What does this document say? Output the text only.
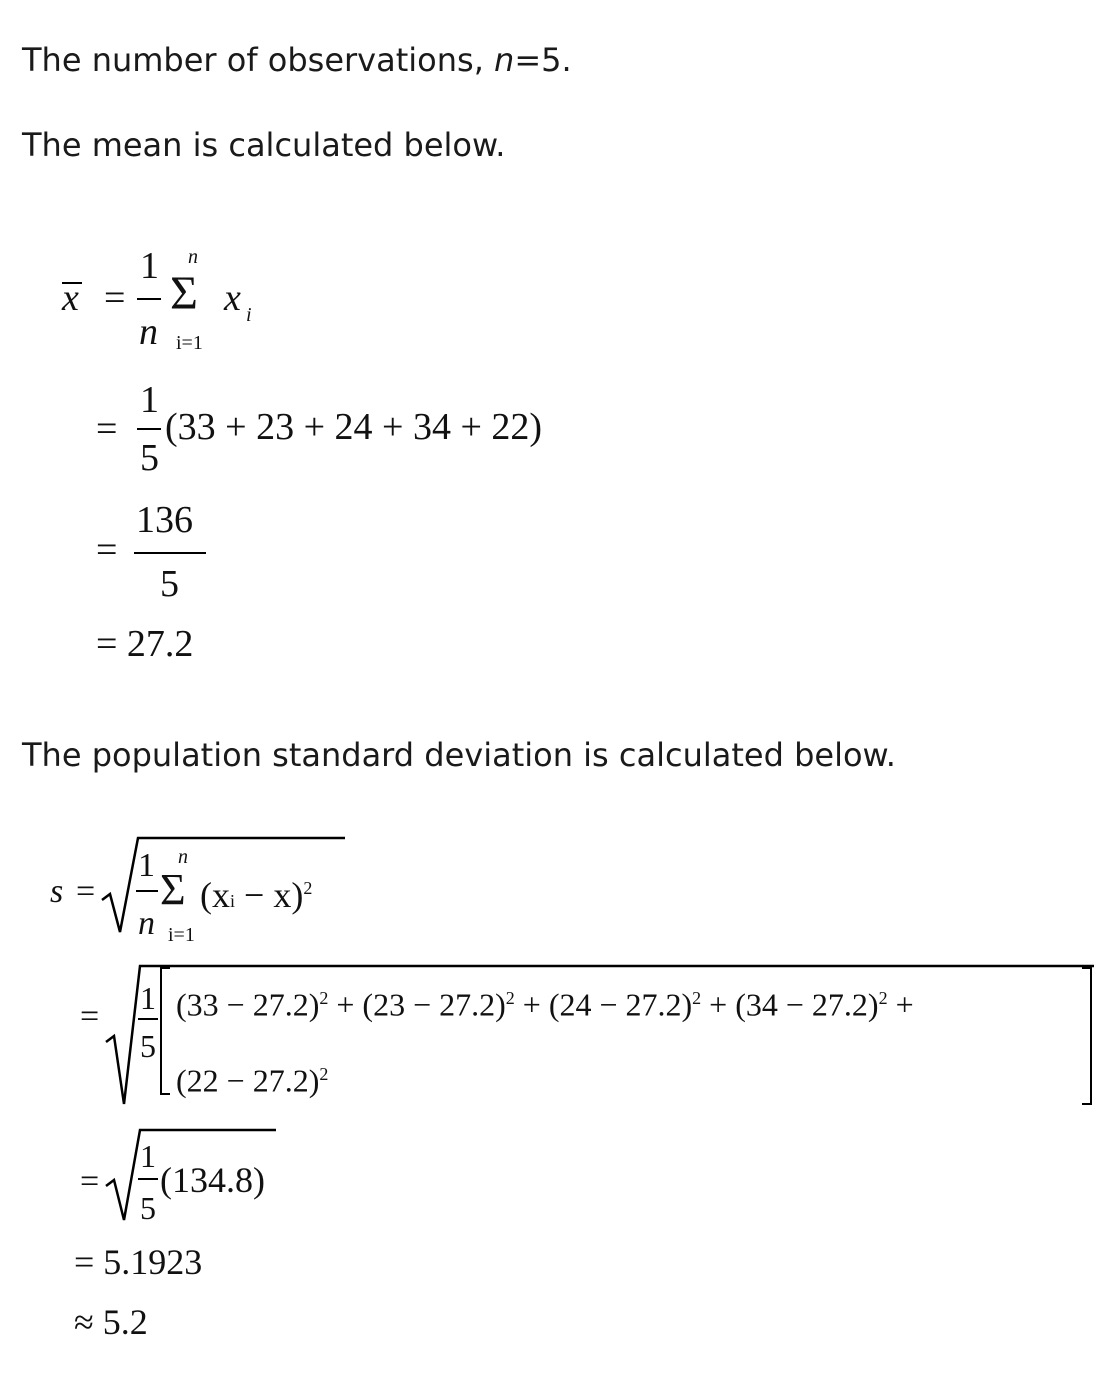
The number of observations, n=5.

The mean is calculated below.

The population standard deviation is calculated below.

x =
1
n
n
Σ
i=1
x i
=
1
5
(33 + 23 + 24 + 34 + 22)
=
136
5
= 27.2
s =
1
n
n
Σ
i=1
(xi − x)$^2$
= 1
5
$(33 - 27.2)^2 + (23 - 27.2)^2 + (24 - 27.2)^2 + (34 - 27.2)^2$ +
$(22 - 27.2)^2$
=
1
5
(134.8)
= 5.1923
≈ 5.2
